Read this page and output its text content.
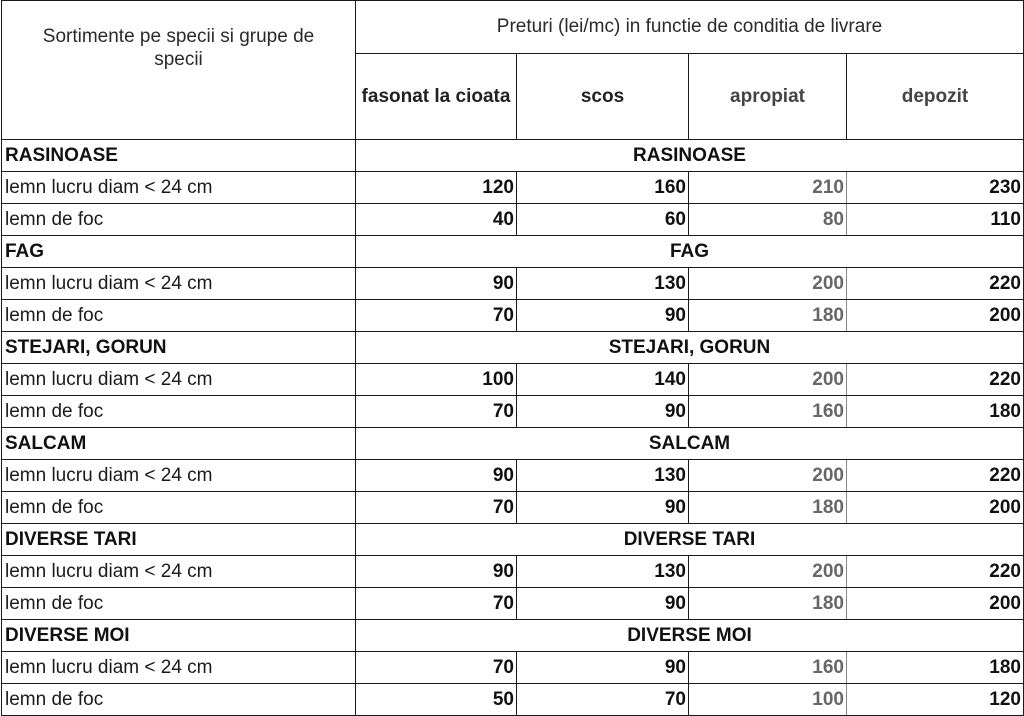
Sortimente pe specii si grupe de specii	Preturi (lei/mc) in functie de conditia de livrare			
	fasonat la cioata	scos	apropiat	depozit
RASINOASE	RASINOASE			
lemn lucru diam < 24 cm	120	160	210	230
lemn de foc	40	60	80	110
FAG	FAG			
lemn lucru diam < 24 cm	90	130	200	220
lemn de foc	70	90	180	200
STEJARI, GORUN	STEJARI, GORUN			
lemn lucru diam < 24 cm	100	140	200	220
lemn de foc	70	90	160	180
SALCAM	SALCAM			
lemn lucru diam < 24 cm	90	130	200	220
lemn de foc	70	90	180	200
DIVERSE TARI	DIVERSE TARI			
lemn lucru diam < 24 cm	90	130	200	220
lemn de foc	70	90	180	200
DIVERSE MOI	DIVERSE MOI			
lemn lucru diam < 24 cm	70	90	160	180
lemn de foc	50	70	100	120
